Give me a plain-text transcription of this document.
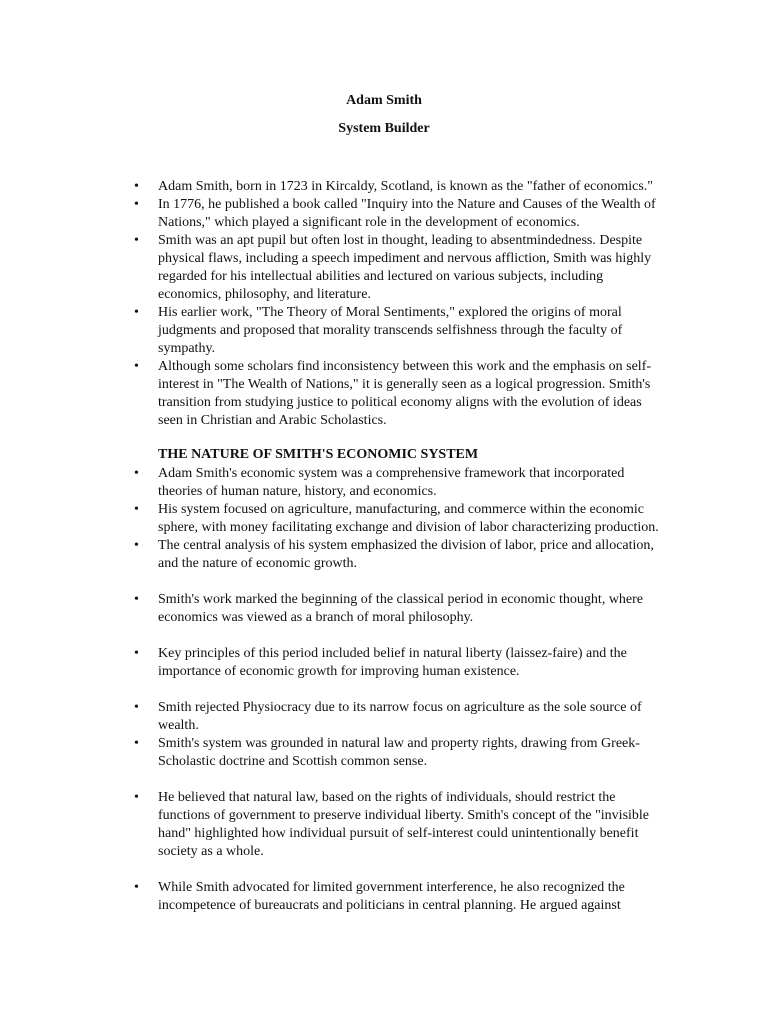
Adam Smith
System Builder
• Adam Smith, born in 1723 in Kircaldy, Scotland, is known as the "father of economics."
• In 1776, he published a book called "Inquiry into the Nature and Causes of the Wealth of Nations," which played a significant role in the development of economics.
• Smith was an apt pupil but often lost in thought, leading to absentmindedness. Despite physical flaws, including a speech impediment and nervous affliction, Smith was highly regarded for his intellectual abilities and lectured on various subjects, including economics, philosophy, and literature.
• His earlier work, "The Theory of Moral Sentiments," explored the origins of moral judgments and proposed that morality transcends selfishness through the faculty of sympathy.
• Although some scholars find inconsistency between this work and the emphasis on self-interest in "The Wealth of Nations," it is generally seen as a logical progression. Smith's transition from studying justice to political economy aligns with the evolution of ideas seen in Christian and Arabic Scholastics.
THE NATURE OF SMITH'S ECONOMIC SYSTEM
• Adam Smith's economic system was a comprehensive framework that incorporated theories of human nature, history, and economics.
• His system focused on agriculture, manufacturing, and commerce within the economic sphere, with money facilitating exchange and division of labor characterizing production.
• The central analysis of his system emphasized the division of labor, price and allocation, and the nature of economic growth.
• Smith's work marked the beginning of the classical period in economic thought, where economics was viewed as a branch of moral philosophy.
• Key principles of this period included belief in natural liberty (laissez-faire) and the importance of economic growth for improving human existence.
• Smith rejected Physiocracy due to its narrow focus on agriculture as the sole source of wealth.
• Smith's system was grounded in natural law and property rights, drawing from Greek-Scholastic doctrine and Scottish common sense.
• He believed that natural law, based on the rights of individuals, should restrict the functions of government to preserve individual liberty. Smith's concept of the "invisible hand" highlighted how individual pursuit of self-interest could unintentionally benefit society as a whole.
• While Smith advocated for limited government interference, he also recognized the incompetence of bureaucrats and politicians in central planning. He argued against
